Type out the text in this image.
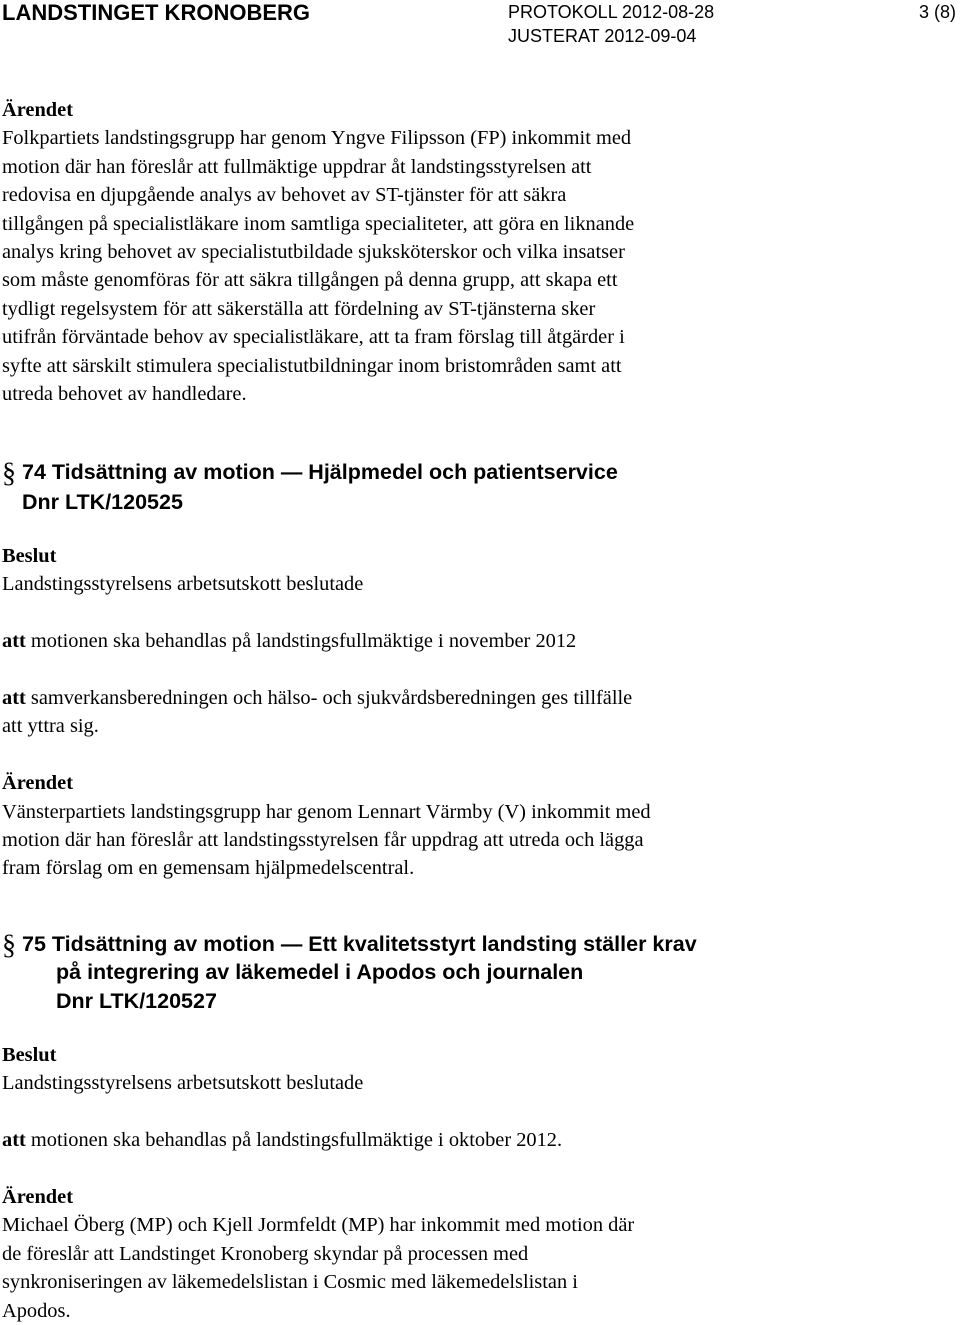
LANDSTINGET KRONOBERG	PROTOKOLL 2012-08-28
JUSTERAT 2012-09-04
3 (8)
Ärendet
Folkpartiets landstingsgrupp har genom Yngve Filipsson (FP) inkommit med
motion där han föreslår att fullmäktige uppdrar åt landstingsstyrelsen att
redovisa en djupgående analys av behovet av ST-tjänster för att säkra
tillgången på specialistläkare inom samtliga specialiteter, att göra en liknande
analys kring behovet av specialistutbildade sjuksköterskor och vilka insatser
som måste genomföras för att säkra tillgången på denna grupp, att skapa ett
tydligt regelsystem för att säkerställa att fördelning av ST-tjänsterna sker
utifrån förväntade behov av specialistläkare, att ta fram förslag till åtgärder i
syfte att särskilt stimulera specialistutbildningar inom bristområden samt att
utreda behovet av handledare.
§ 74 Tidsättning av motion — Hjälpmedel och patientservice
Dnr LTK/120525
Beslut
Landstingsstyrelsens arbetsutskott beslutade
att motionen ska behandlas på landstingsfullmäktige i november 2012
att samverkansberedningen och hälso- och sjukvårdsberedningen ges tillfälle
att yttra sig.
Ärendet
Vänsterpartiets landstingsgrupp har genom Lennart Värmby (V) inkommit med
motion där han föreslår att landstingsstyrelsen får uppdrag att utreda och lägga
fram förslag om en gemensam hjälpmedelscentral.
§ 75 Tidsättning av motion — Ett kvalitetsstyrt landsting ställer krav
på integrering av läkemedel i Apodos och journalen
Dnr LTK/120527
Beslut
Landstingsstyrelsens arbetsutskott beslutade
att motionen ska behandlas på landstingsfullmäktige i oktober 2012.
Ärendet
Michael Öberg (MP) och Kjell Jormfeldt (MP) har inkommit med motion där
de föreslår att Landstinget Kronoberg skyndar på processen med
synkroniseringen av läkemedelslistan i Cosmic med läkemedelslistan i
Apodos.
